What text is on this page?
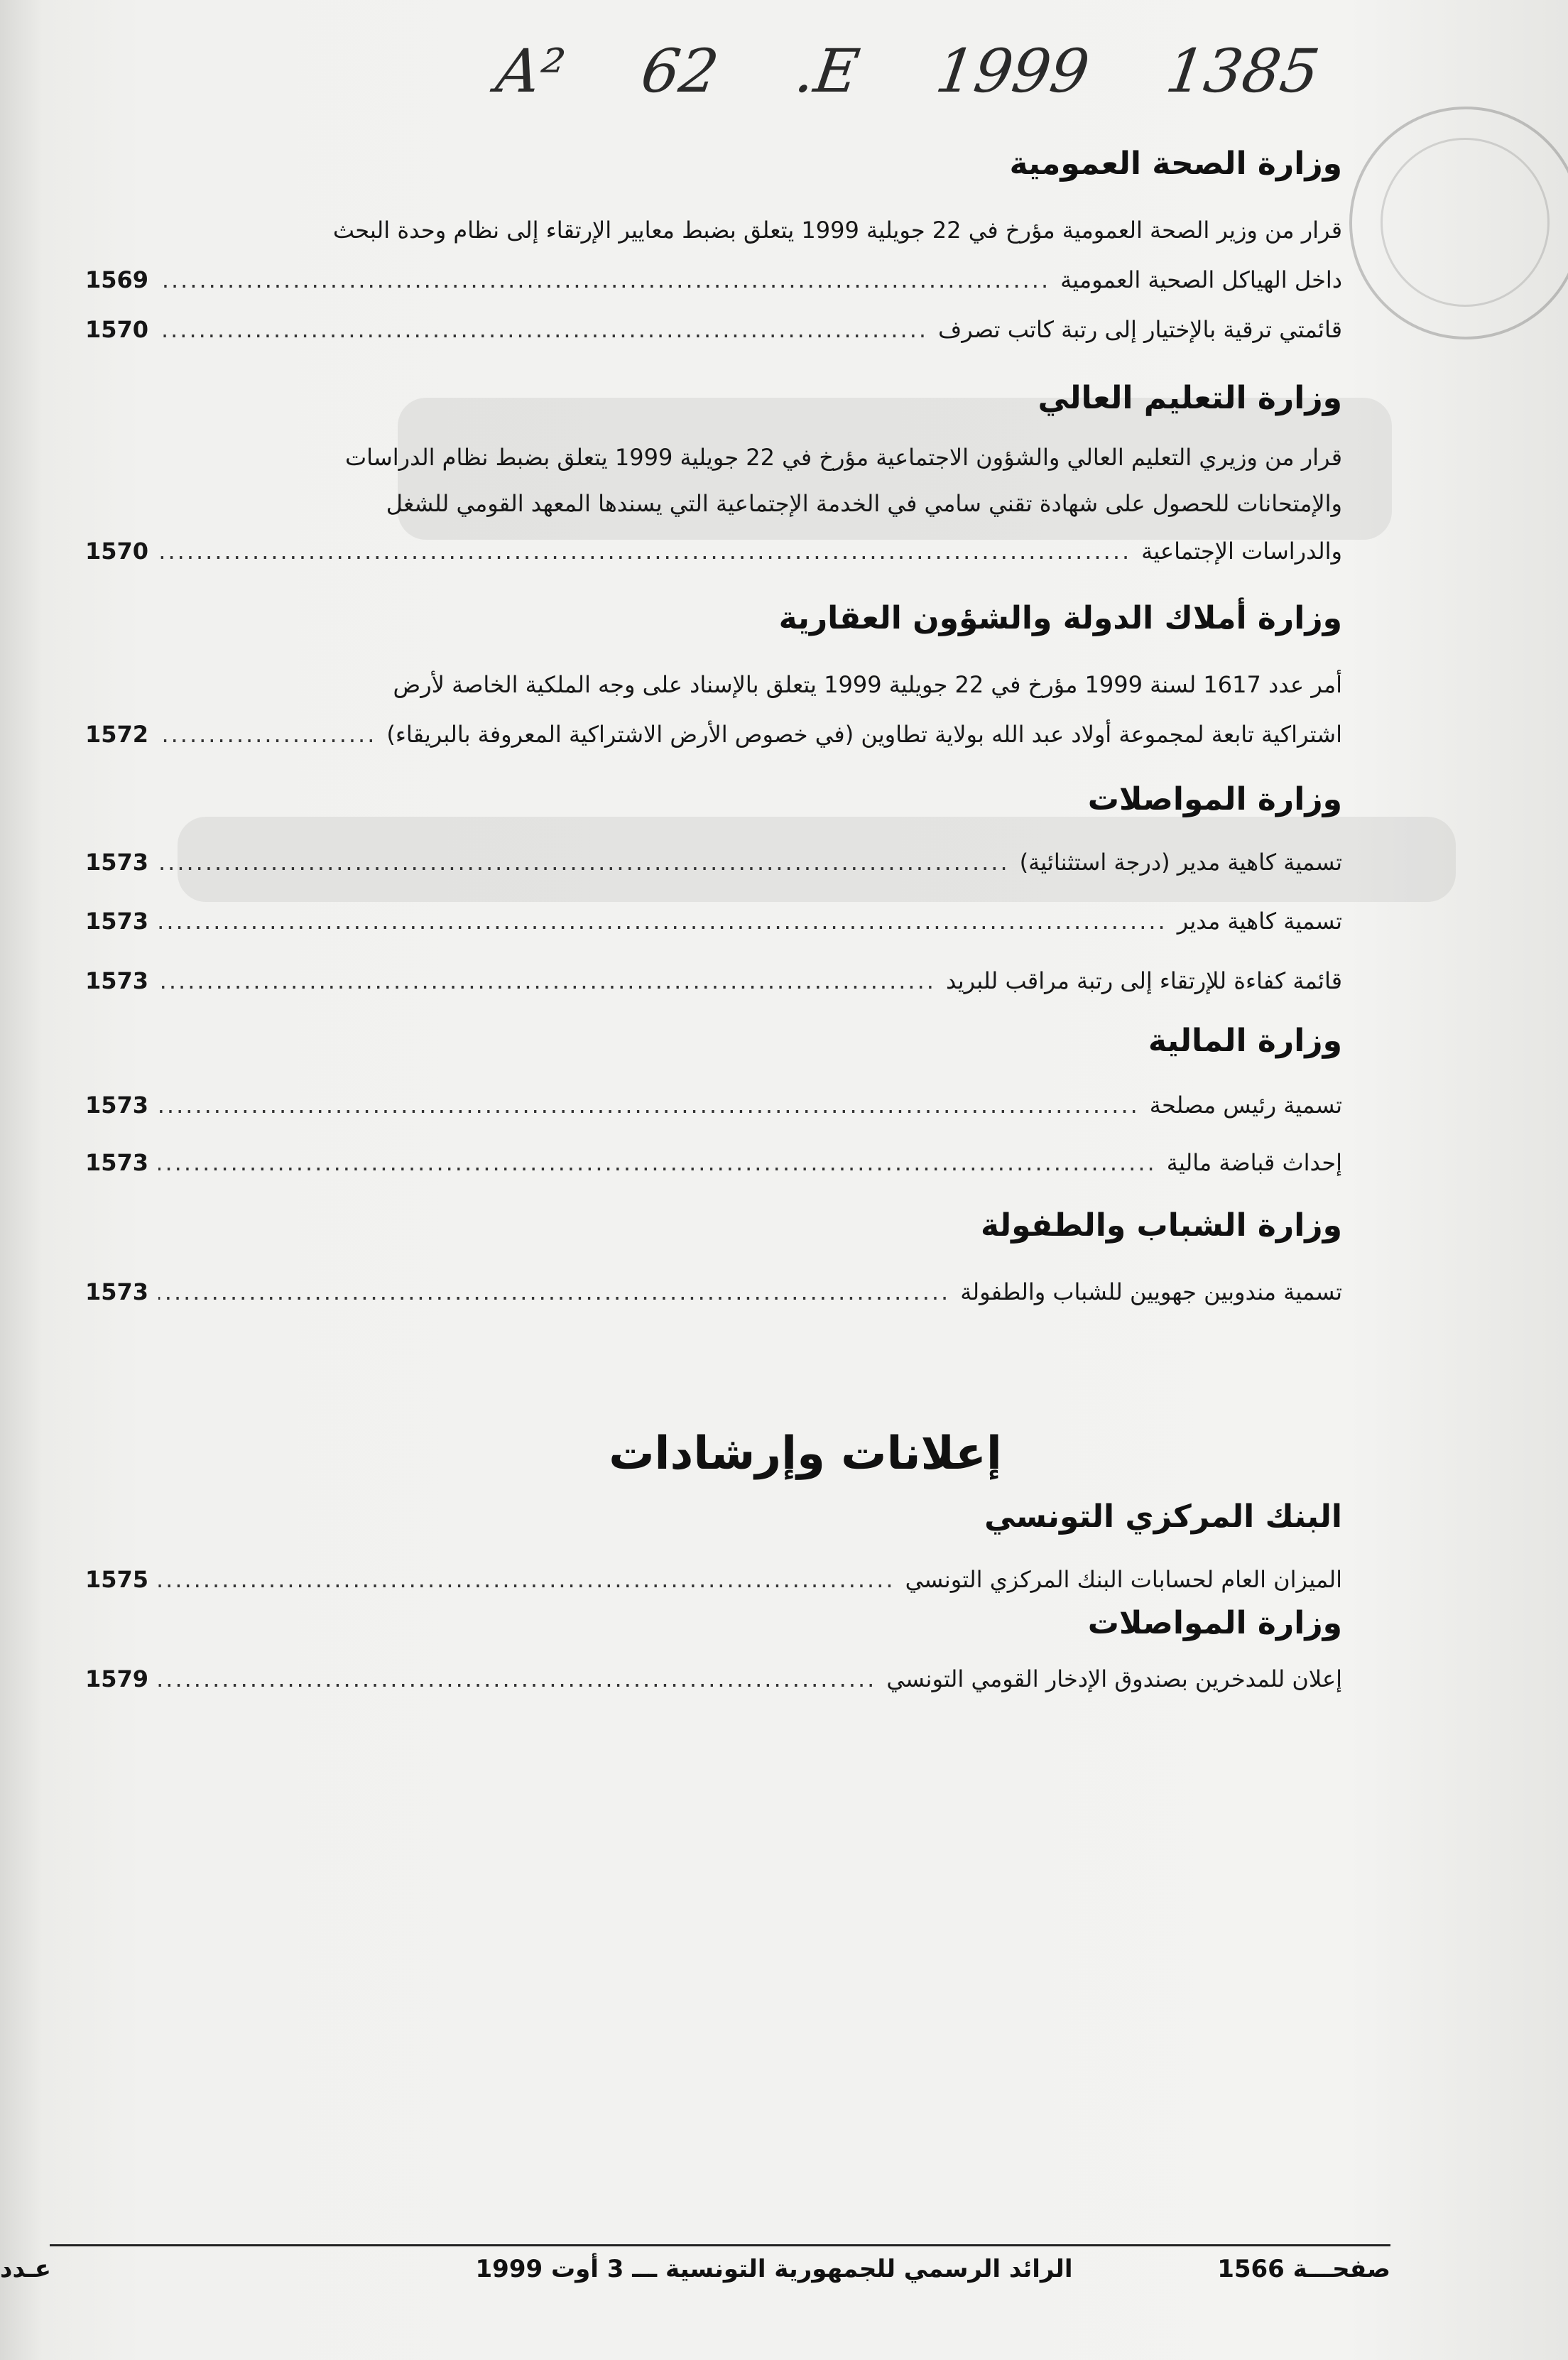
A² 62 .E 1999 1385
وزارة الصحة العمومية
قرار من وزير الصحة العمومية مؤرخ في 22 جويلية 1999 يتعلق بضبط معايير الإرتقاء إلى نظام وحدة البحث
داخل الهياكل الصحية العمومية
.....
1569
قائمتي ترقية بالإختيار إلى رتبة كاتب تصرف
.....
1570
وزارة التعليم العالي
قرار من وزيري التعليم العالي والشؤون الاجتماعية مؤرخ في 22 جويلية 1999 يتعلق بضبط نظام الدراسات
والإمتحانات للحصول على شهادة تقني سامي في الخدمة الإجتماعية التي يسندها المعهد القومي للشغل
والدراسات الإجتماعية
.....
1570
وزارة أملاك الدولة والشؤون العقارية
أمر عدد 1617 لسنة 1999 مؤرخ في 22 جويلية 1999 يتعلق بالإسناد على وجه الملكية الخاصة لأرض
اشتراكية تابعة لمجموعة أولاد عبد الله بولاية تطاوين (في خصوص الأرض الاشتراكية المعروفة بالبريقاء)
.....
1572
وزارة المواصلات
تسمية كاهية مدير (درجة استثنائية)
.....
1573
تسمية كاهية مدير
.....
1573
قائمة كفاءة للإرتقاء إلى رتبة مراقب للبريد
.....
1573
وزارة المالية
تسمية رئيس مصلحة
.....
1573
إحداث قباضة مالية
.....
1573
وزارة الشباب والطفولة
تسمية مندوبين جهويين للشباب والطفولة
.....
1573
إعلانات وإرشادات
البنك المركزي التونسي
الميزان العام لحسابات البنك المركزي التونسي
.....
1575
وزارة المواصلات
إعلان للمدخرين بصندوق الإدخار القومي التونسي
.....
1579
صفحـــة 1566
الرائد الرسمي للجمهورية التونسية ـــ 3 أوت 1999
عـدد
